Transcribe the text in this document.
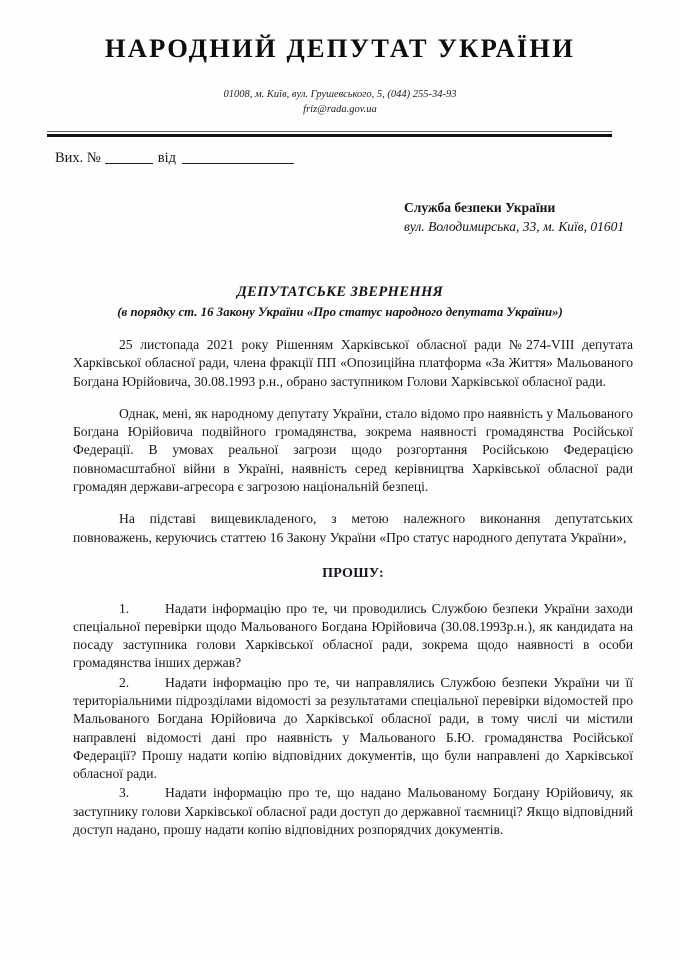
НАРОДНИЙ ДЕПУТАТ УКРАЇНИ
01008, м. Київ, вул. Грушевського, 5, (044) 255-34-93
friz@rada.gov.ua
Вих. №	від
Служба безпеки України
вул. Володимирська, 33, м. Київ, 01601
ДЕПУТАТСЬКЕ ЗВЕРНЕННЯ
(в порядку ст. 16 Закону України «Про статус народного депутата України»)

25 листопада 2021 року Рішенням Харківської обласної ради №274-VIII депутата Харківської обласної ради, члена фракції ПП «Опозиційна платформа «За Життя» Мальованого Богдана Юрійовича, 30.08.1993 р.н., обрано заступником Голови Харківської обласної ради.

Однак, мені, як народному депутату України, стало відомо про наявність у Мальованого Богдана Юрійовича подвійного громадянства, зокрема наявності громадянства Російської Федерації. В умовах реальної загрози щодо розгортання Російською Федерацією повномасштабної війни в Україні, наявність серед керівництва Харківської обласної ради громадян держави-агресора є загрозою національній безпеці.

На підставі вищевикладеного, з метою належного виконання депутатських повноважень, керуючись статтею 16 Закону України «Про статус народного депутата України»,

ПРОШУ:

1.	Надати інформацію про те, чи проводились Службою безпеки України заходи спеціальної перевірки щодо Мальованого Богдана Юрійовича (30.08.1993р.н.), як кандидата на посаду заступника голови Харківської обласної ради, зокрема щодо наявності в особи громадянства інших держав?

2.	Надати інформацію про те, чи направлялись Службою безпеки України чи її територіальними підрозділами відомості за результатами спеціальної перевірки відомостей про Мальованого Богдана Юрійовича до Харківської обласної ради, в тому числі чи містили направлені відомості дані про наявність у Мальованого Б.Ю. громадянства Російської Федерації? Прошу надати копію відповідних документів, що були направлені до Харківської обласної ради.

3.	Надати інформацію про те, що надано Мальованому Богдану Юрійовичу, як заступнику голови Харківської обласної ради доступ до державної таємниці? Якщо відповідний доступ надано, прошу надати копію відповідних розпорядчих документів.
